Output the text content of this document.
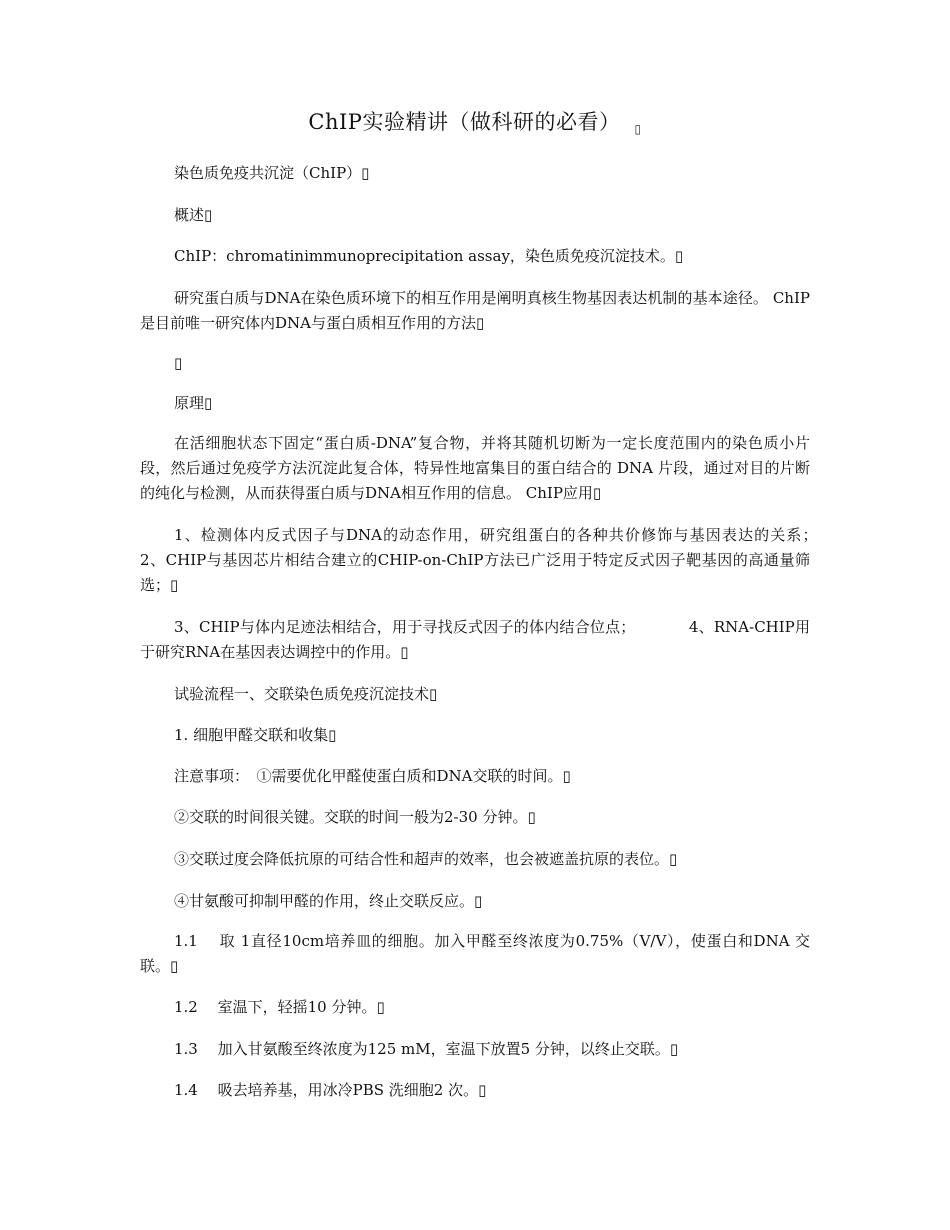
ChIP实验精讲（做科研的必看） ▯

染色质免疫共沉淀（ChIP）▯

概述▯

ChIP：chromatinimmunoprecipitation assay，染色质免疫沉淀技术。▯

研究蛋白质与DNA在染色质环境下的相互作用是阐明真核生物基因表达机制的基本途径。 ChIP是目前唯一研究体内DNA与蛋白质相互作用的方法▯

▯

原理▯

在活细胞状态下固定“蛋白质-DNA”复合物，并将其随机切断为一定长度范围内的染色质小片段，然后通过免疫学方法沉淀此复合体，特异性地富集目的蛋白结合的 DNA 片段，通过对目的片断的纯化与检测，从而获得蛋白质与DNA相互作用的信息。 ChIP应用▯

1、检测体内反式因子与DNA的动态作用，研究组蛋白的各种共价修饰与基因表达的关系；　　　　2、CHIP与基因芯片相结合建立的CHIP-on-ChIP方法已广泛用于特定反式因子靶基因的高通量筛选；▯

3、CHIP与体内足迹法相结合，用于寻找反式因子的体内结合位点；　　　　4、RNA-CHIP用于研究RNA在基因表达调控中的作用。▯

试验流程一、交联染色质免疫沉淀技术▯

1. 细胞甲醛交联和收集▯

注意事项：　①需要优化甲醛使蛋白质和DNA交联的时间。▯

②交联的时间很关键。交联的时间一般为2-30 分钟。▯

③交联过度会降低抗原的可结合性和超声的效率，也会被遮盖抗原的表位。▯

④甘氨酸可抑制甲醛的作用，终止交联反应。▯

1.1　 取 1直径10cm培养皿的细胞。加入甲醛至终浓度为0.75%（V/V），使蛋白和DNA 交联。▯

1.2　 室温下，轻摇10 分钟。▯

1.3　 加入甘氨酸至终浓度为125 mM，室温下放置5 分钟，以终止交联。▯

1.4　 吸去培养基，用冰冷PBS 洗细胞2 次。▯
